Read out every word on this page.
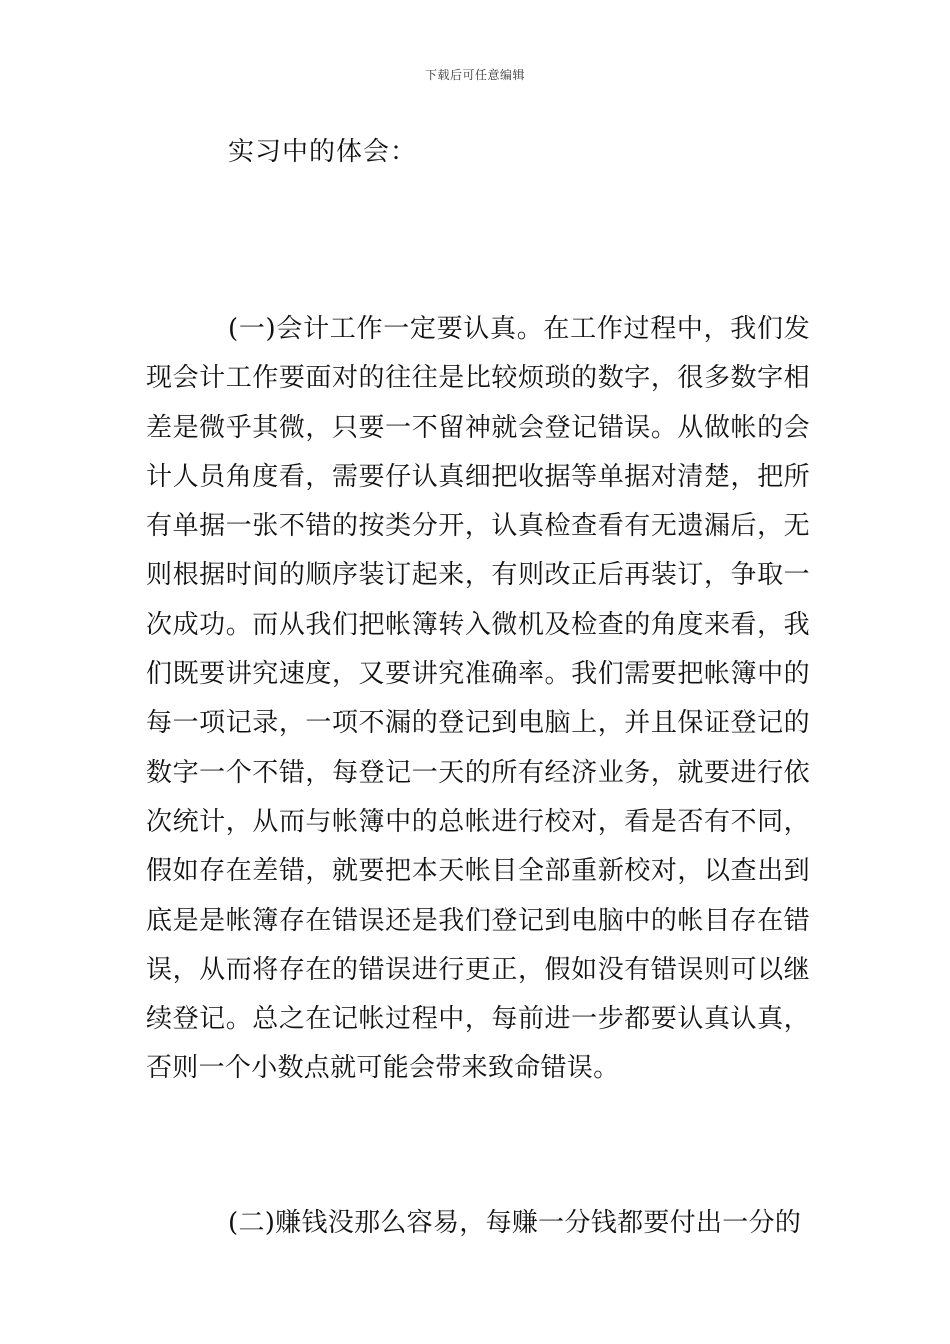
下载后可任意编辑
实习中的体会：

(一)会计工作一定要认真。在工作过程中，我们发现会计工作要面对的往往是比较烦琐的数字，很多数字相差是微乎其微，只要一不留神就会登记错误。从做帐的会计人员角度看，需要仔认真细把收据等单据对清楚，把所有单据一张不错的按类分开，认真检查看有无遗漏后，无则根据时间的顺序装订起来，有则改正后再装订，争取一次成功。而从我们把帐簿转入微机及检查的角度来看，我们既要讲究速度，又要讲究准确率。我们需要把帐簿中的每一项记录，一项不漏的登记到电脑上，并且保证登记的数字一个不错，每登记一天的所有经济业务，就要进行依次统计，从而与帐簿中的总帐进行校对，看是否有不同，假如存在差错，就要把本天帐目全部重新校对，以查出到底是是帐簿存在错误还是我们登记到电脑中的帐目存在错误，从而将存在的错误进行更正，假如没有错误则可以继续登记。总之在记帐过程中，每前进一步都要认真认真，否则一个小数点就可能会带来致命错误。

(二)赚钱没那么容易，每赚一分钱都要付出一分的
